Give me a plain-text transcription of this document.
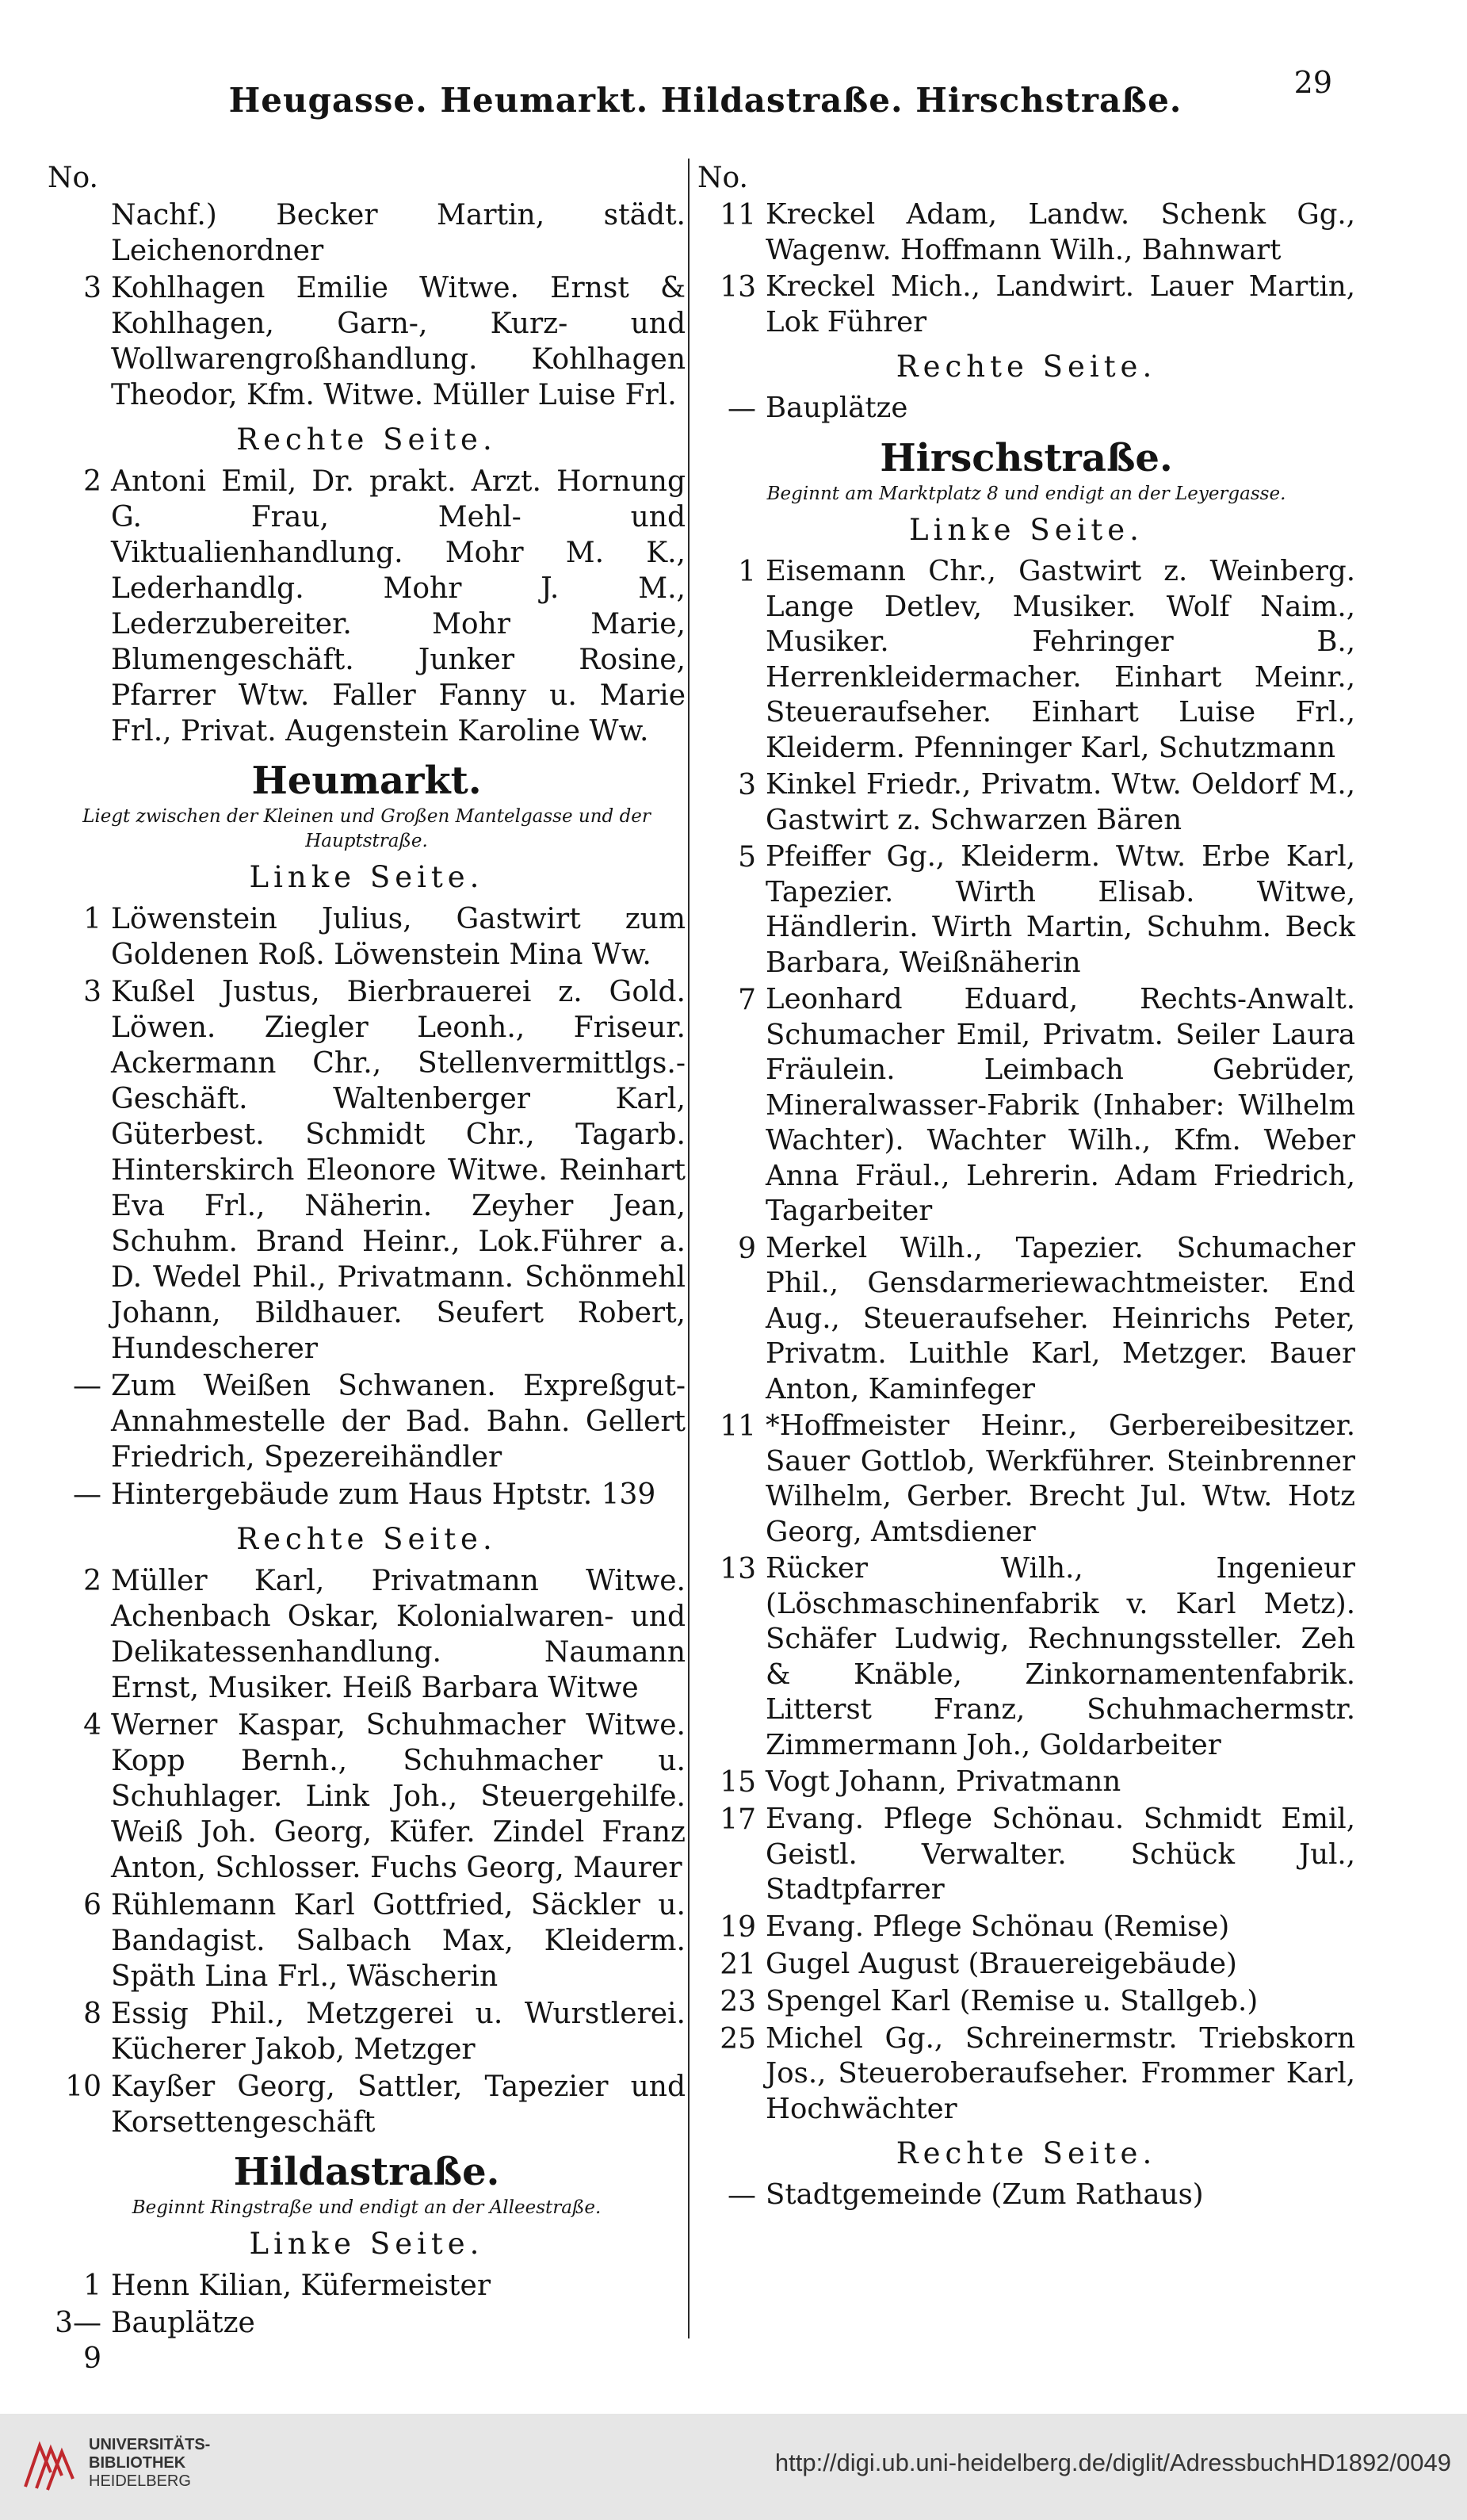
Heugasse. Heumarkt. Hildastraße. Hirschstraße.	29
No.
Nachf.) Becker Martin, städt. Leichenordner
3 Kohlhagen Emilie Witwe. Ernst & Kohlhagen, Garn-, Kurz- und Wollwarengroßhandlung. Kohlhagen Theodor, Kfm. Witwe. Müller Luise Frl.
Rechte Seite.
2 Antoni Emil, Dr. prakt. Arzt. Hornung G. Frau, Mehl- und Viktualienhandlung. Mohr M. K., Lederhandlg. Mohr J. M., Lederzubereiter. Mohr Marie, Blumengeschäft. Junker Rosine, Pfarrer Wtw. Faller Fanny u. Marie Frl., Privat. Augenstein Karoline Ww.
Heumarkt.
Liegt zwischen der Kleinen und Großen Mantelgasse und der Hauptstraße.
Linke Seite.
1 Löwenstein Julius, Gastwirt zum Goldenen Roß. Löwenstein Mina Ww.
3 Kußel Justus, Bierbrauerei z. Gold. Löwen. Ziegler Leonh., Friseur. Ackermann Chr., Stellenvermittlgs.-Geschäft. Waltenberger Karl, Güterbest. Schmidt Chr., Tagarb. Hinterskirch Eleonore Witwe. Reinhart Eva Frl., Näherin. Zeyher Jean, Schuhm. Brand Heinr., Lok.Führer a. D. Wedel Phil., Privatmann. Schönmehl Johann, Bildhauer. Seufert Robert, Hundescherer
— Zum Weißen Schwanen. Expreßgut-Annahmestelle der Bad. Bahn. Gellert Friedrich, Spezereihändler
— Hintergebäude zum Haus Hptstr. 139
Rechte Seite.
2 Müller Karl, Privatmann Witwe. Achenbach Oskar, Kolonialwaren- und Delikatessenhandlung. Naumann Ernst, Musiker. Heiß Barbara Witwe
4 Werner Kaspar, Schuhmacher Witwe. Kopp Bernh., Schuhmacher u. Schuhlager. Link Joh., Steuergehilfe. Weiß Joh. Georg, Küfer. Zindel Franz Anton, Schlosser. Fuchs Georg, Maurer
6 Rühlemann Karl Gottfried, Säckler u. Bandagist. Salbach Max, Kleiderm. Späth Lina Frl., Wäscherin
8 Essig Phil., Metzgerei u. Wurstlerei. Kücherer Jakob, Metzger
10 Kayßer Georg, Sattler, Tapezier und Korsettengeschäft
Hildastraße.
Beginnt Ringstraße und endigt an der Alleestraße.
Linke Seite.
1 Henn Kilian, Küfermeister
3—9
Bauplätze
No.
11 Kreckel Adam, Landw. Schenk Gg., Wagenw. Hoffmann Wilh., Bahnwart
13 Kreckel Mich., Landwirt. Lauer Martin, Lok Führer
Rechte Seite.
— Bauplätze
Hirschstraße.
Beginnt am Marktplatz 8 und endigt an der Leyergasse.
Linke Seite.
1 Eisemann Chr., Gastwirt z. Weinberg. Lange Detlev, Musiker. Wolf Naim., Musiker. Fehringer B., Herrenkleidermacher. Einhart Meinr., Steueraufseher. Einhart Luise Frl., Kleiderm. Pfenninger Karl, Schutzmann
3 Kinkel Friedr., Privatm. Wtw. Oeldorf M., Gastwirt z. Schwarzen Bären
5 Pfeiffer Gg., Kleiderm. Wtw. Erbe Karl, Tapezier. Wirth Elisab. Witwe, Händlerin. Wirth Martin, Schuhm. Beck Barbara, Weißnäherin
7 Leonhard Eduard, Rechts-Anwalt. Schumacher Emil, Privatm. Seiler Laura Fräulein. Leimbach Gebrüder, Mineralwasser-Fabrik (Inhaber: Wilhelm Wachter). Wachter Wilh., Kfm. Weber Anna Fräul., Lehrerin. Adam Friedrich, Tagarbeiter
9 Merkel Wilh., Tapezier. Schumacher Phil., Gensdarmeriewachtmeister. End Aug., Steueraufseher. Heinrichs Peter, Privatm. Luithle Karl, Metzger. Bauer Anton, Kaminfeger
11 *Hoffmeister Heinr., Gerbereibesitzer. Sauer Gottlob, Werkführer. Steinbrenner Wilhelm, Gerber. Brecht Jul. Wtw. Hotz Georg, Amtsdiener
13 Rücker Wilh., Ingenieur (Löschmaschinenfabrik v. Karl Metz). Schäfer Ludwig, Rechnungssteller. Zeh & Knäble, Zinkornamentenfabrik. Litterst Franz, Schuhmachermstr. Zimmermann Joh., Goldarbeiter
15 Vogt Johann, Privatmann
17 Evang. Pflege Schönau. Schmidt Emil, Geistl. Verwalter. Schück Jul., Stadtpfarrer
19 Evang. Pflege Schönau (Remise)
21 Gugel August (Brauereigebäude)
23 Spengel Karl (Remise u. Stallgeb.)
25 Michel Gg., Schreinermstr. Triebskorn Jos., Steueroberaufseher. Frommer Karl, Hochwächter
Rechte Seite.
— Stadtgemeinde (Zum Rathaus)
UNIVERSITÄTS-
BIBLIOTHEK
HEIDELBERG
http://digi.ub.uni-heidelberg.de/diglit/AdressbuchHD1892/0049
